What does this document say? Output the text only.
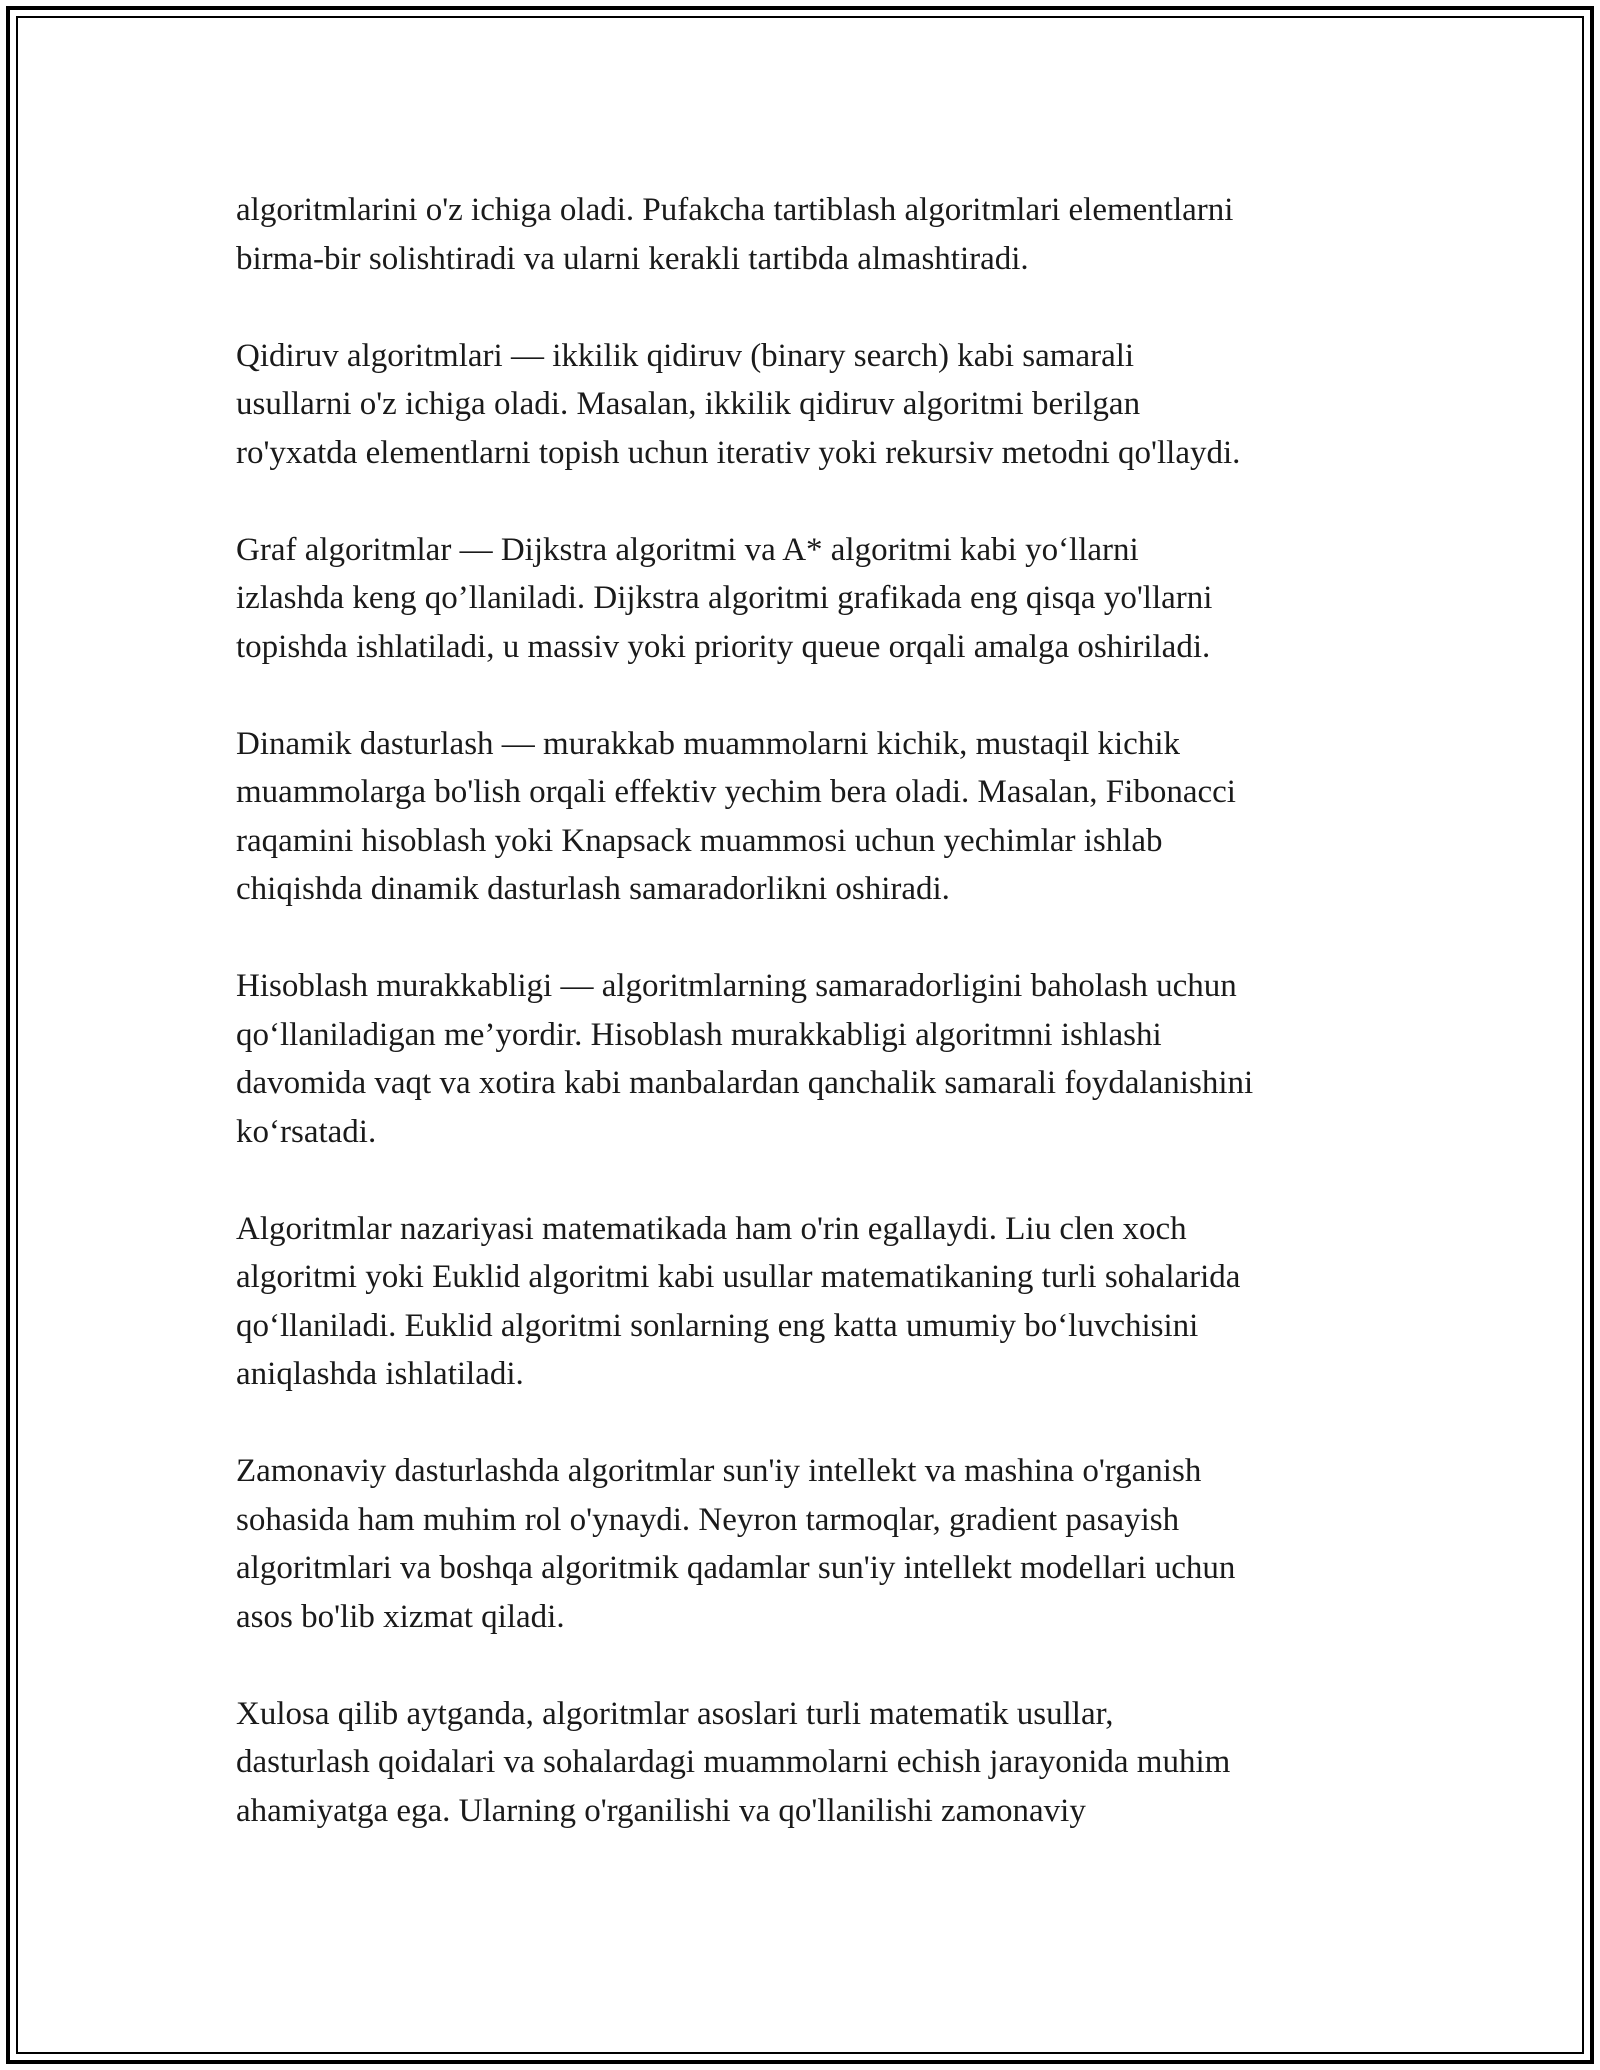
algoritmlarini o'z ichiga oladi. Pufakcha tartiblash algoritmlari elementlarni
birma-bir solishtiradi va ularni kerakli tartibda almashtiradi.

Qidiruv algoritmlari — ikkilik qidiruv (binary search) kabi samarali
usullarni o'z ichiga oladi. Masalan, ikkilik qidiruv algoritmi berilgan
ro'yxatda elementlarni topish uchun iterativ yoki rekursiv metodni qo'llaydi.

Graf algoritmlar — Dijkstra algoritmi va A* algoritmi kabi yo‘llarni
izlashda keng qo’llaniladi. Dijkstra algoritmi grafikada eng qisqa yo'llarni
topishda ishlatiladi, u massiv yoki priority queue orqali amalga oshiriladi.

Dinamik dasturlash — murakkab muammolarni kichik, mustaqil kichik
muammolarga bo'lish orqali effektiv yechim bera oladi. Masalan, Fibonacci
raqamini hisoblash yoki Knapsack muammosi uchun yechimlar ishlab
chiqishda dinamik dasturlash samaradorlikni oshiradi.

Hisoblash murakkabligi — algoritmlarning samaradorligini baholash uchun
qo‘llaniladigan me’yordir. Hisoblash murakkabligi algoritmni ishlashi
davomida vaqt va xotira kabi manbalardan qanchalik samarali foydalanishini
ko‘rsatadi.

Algoritmlar nazariyasi matematikada ham o'rin egallaydi. Liu clen xoch
algoritmi yoki Euklid algoritmi kabi usullar matematikaning turli sohalarida
qo‘llaniladi. Euklid algoritmi sonlarning eng katta umumiy bo‘luvchisini
aniqlashda ishlatiladi.

Zamonaviy dasturlashda algoritmlar sun'iy intellekt va mashina o'rganish
sohasida ham muhim rol o'ynaydi. Neyron tarmoqlar, gradient pasayish
algoritmlari va boshqa algoritmik qadamlar sun'iy intellekt modellari uchun
asos bo'lib xizmat qiladi.

Xulosa qilib aytganda, algoritmlar asoslari turli matematik usullar,
dasturlash qoidalari va sohalardagi muammolarni echish jarayonida muhim
ahamiyatga ega. Ularning o'rganilishi va qo'llanilishi zamonaviy
